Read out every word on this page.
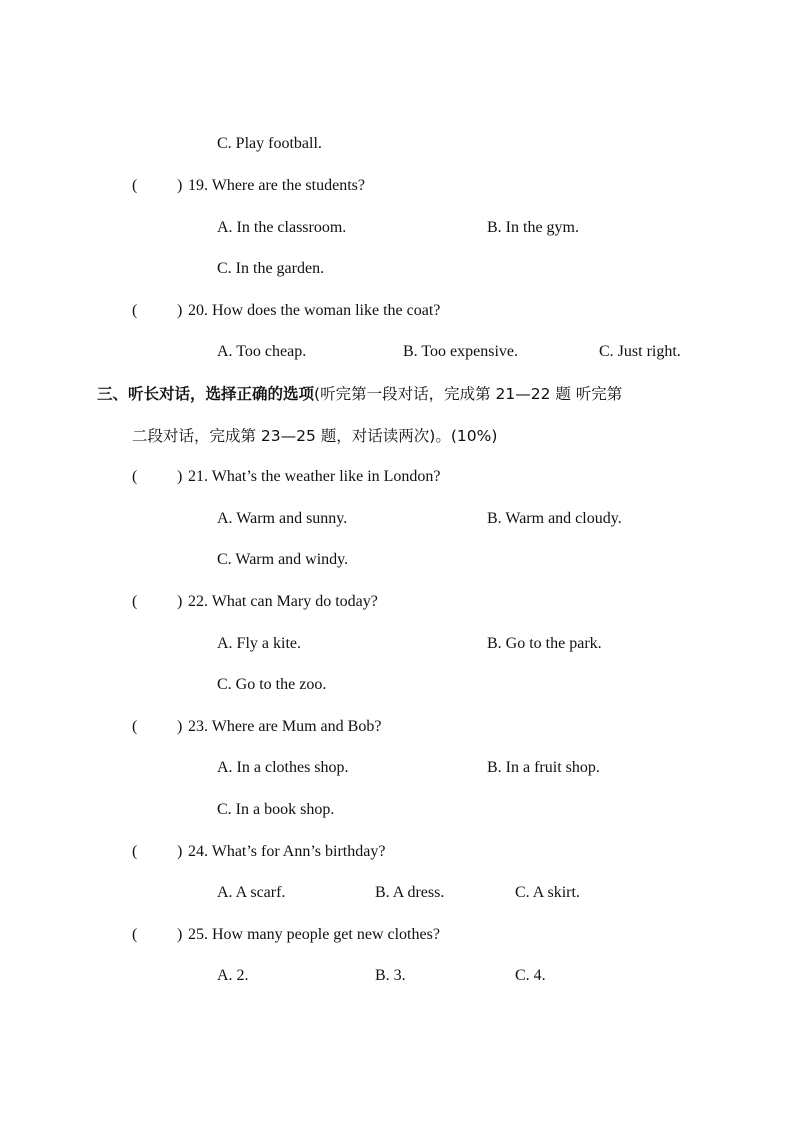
C. Play football.
( ) 19. Where are the students?
A. In the classroom.	B. In the gym.
C. In the garden.
( ) 20. How does the woman like the coat?
A. Too cheap.	B. Too expensive.	C. Just right.
三、听长对话，选择正确的选项(听完第一段对话，完成第 21—22 题 听完第
二段对话，完成第 23—25 题，对话读两次)。(10%)
( ) 21. What’s the weather like in London?
A. Warm and sunny.	B. Warm and cloudy.
C. Warm and windy.
( ) 22. What can Mary do today?
A. Fly a kite.	B. Go to the park.
C. Go to the zoo.
( ) 23. Where are Mum and Bob?
A. In a clothes shop.	B. In a fruit shop.
C. In a book shop.
( ) 24. What’s for Ann’s birthday?
A. A scarf.	B. A dress.	C. A skirt.
( ) 25. How many people get new clothes?
A. 2.	B. 3.	C. 4.
